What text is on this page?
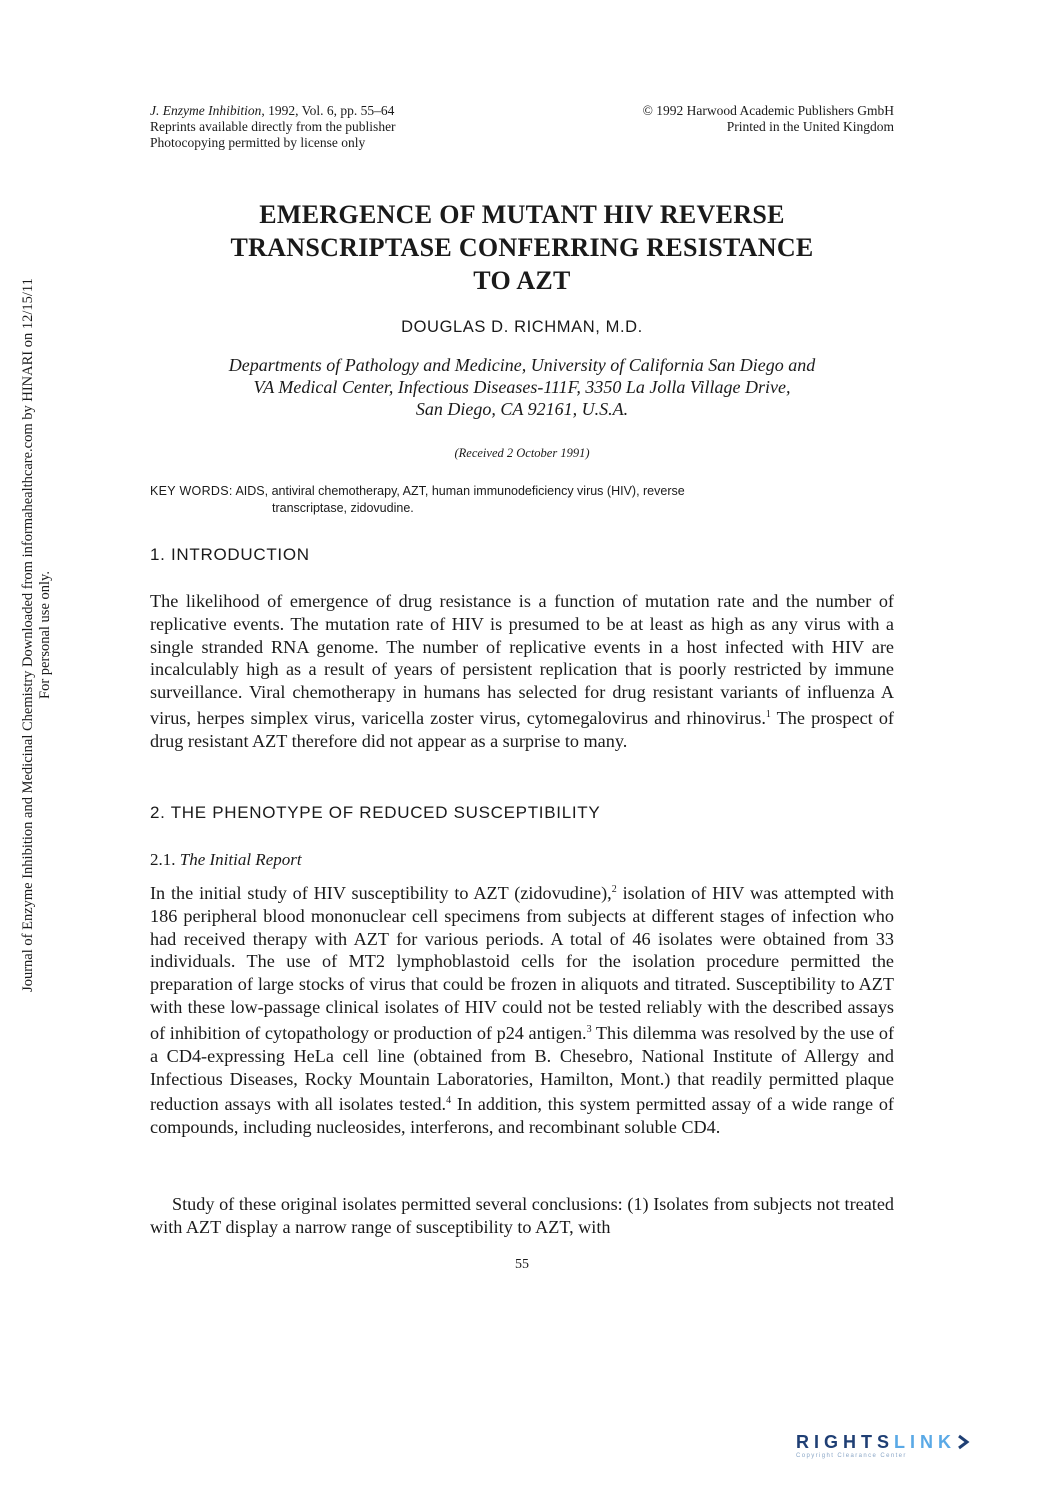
J. Enzyme Inhibition, 1992, Vol. 6, pp. 55–64
Reprints available directly from the publisher
Photocopying permitted by license only
© 1992 Harwood Academic Publishers GmbH
Printed in the United Kingdom
EMERGENCE OF MUTANT HIV REVERSE
TRANSCRIPTASE CONFERRING RESISTANCE
TO AZT
DOUGLAS D. RICHMAN, M.D.
Departments of Pathology and Medicine, University of California San Diego and
VA Medical Center, Infectious Diseases-111F, 3350 La Jolla Village Drive,
San Diego, CA 92161, U.S.A.
(Received 2 October 1991)
KEY WORDS: AIDS, antiviral chemotherapy, AZT, human immunodeficiency virus (HIV), reverse
transcriptase, zidovudine.
1. INTRODUCTION

The likelihood of emergence of drug resistance is a function of mutation rate and the number of replicative events. The mutation rate of HIV is presumed to be at least as high as any virus with a single stranded RNA genome. The number of replicative events in a host infected with HIV are incalculably high as a result of years of persistent replication that is poorly restricted by immune surveillance. Viral chemotherapy in humans has selected for drug resistant variants of influenza A virus, herpes simplex virus, varicella zoster virus, cytomegalovirus and rhinovirus.$^1$ The prospect of drug resistant AZT therefore did not appear as a surprise to many.

2. THE PHENOTYPE OF REDUCED SUSCEPTIBILITY
2.1. The Initial Report

In the initial study of HIV susceptibility to AZT (zidovudine),$^2$ isolation of HIV was attempted with 186 peripheral blood mononuclear cell specimens from subjects at different stages of infection who had received therapy with AZT for various periods. A total of 46 isolates were obtained from 33 individuals. The use of MT2 lymphoblastoid cells for the isolation procedure permitted the preparation of large stocks of virus that could be frozen in aliquots and titrated. Susceptibility to AZT with these low-passage clinical isolates of HIV could not be tested reliably with the described assays of inhibition of cytopathology or production of p24 antigen.$^3$ This dilemma was resolved by the use of a CD4-expressing HeLa cell line (obtained from B. Chesebro, National Institute of Allergy and Infectious Diseases, Rocky Mountain Laboratories, Hamilton, Mont.) that readily permitted plaque reduction assays with all isolates tested.$^4$ In addition, this system permitted assay of a wide range of compounds, including nucleosides, interferons, and recombinant soluble CD4.

Study of these original isolates permitted several conclusions: (1) Isolates from subjects not treated with AZT display a narrow range of susceptibility to AZT, with

55
Journal of Enzyme Inhibition and Medicinal Chemistry Downloaded from informahealthcare.com by HINARI on 12/15/11 For personal use only.
RIGHTSLINK
Copyright Clearance Center
